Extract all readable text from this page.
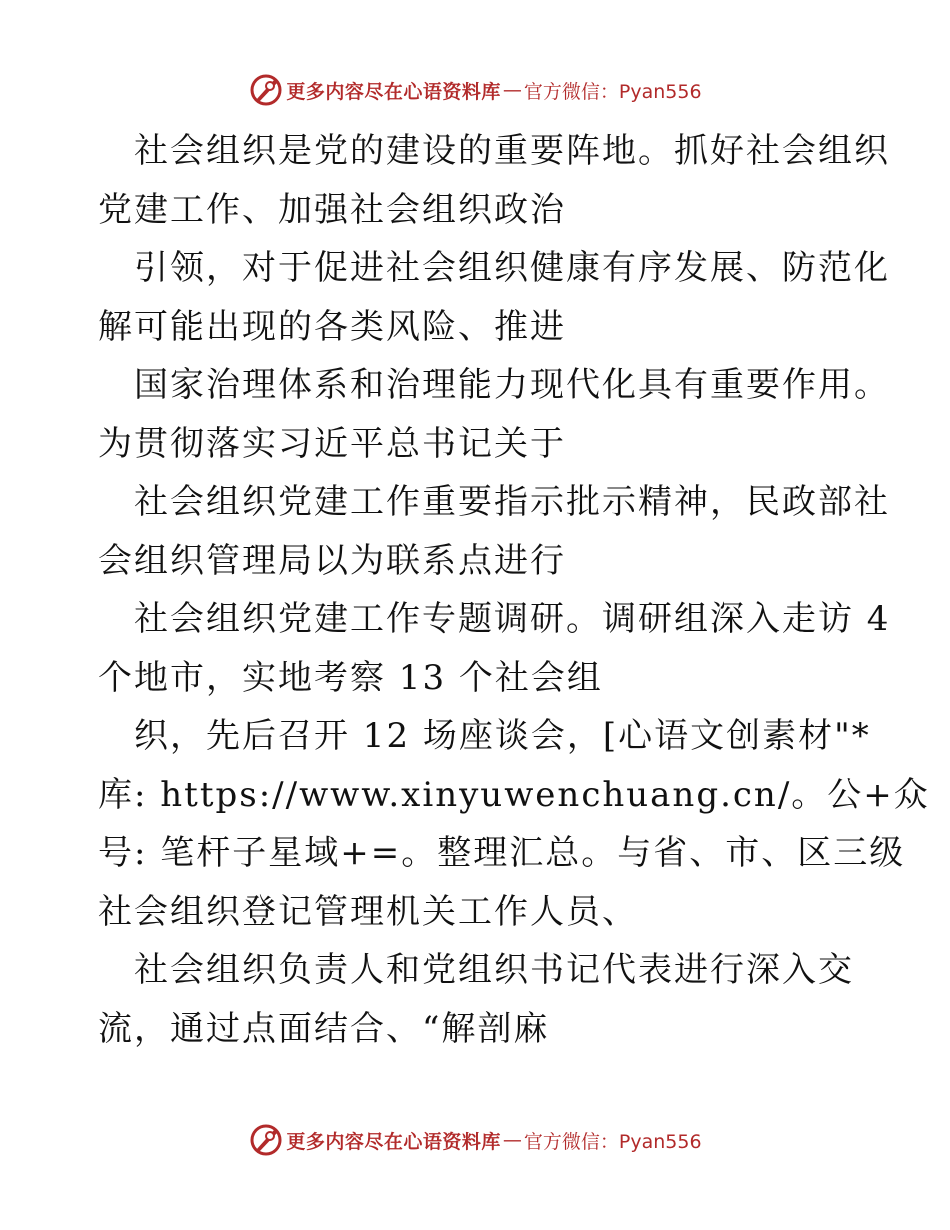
更多内容尽在心语资料库 — 官方微信：Pyan556
社会组织是党的建设的重要阵地。抓好社会组织
党建工作、加强社会组织政治
引领，对于促进社会组织健康有序发展、防范化
解可能出现的各类风险、推进
国家治理体系和治理能力现代化具有重要作用。
为贯彻落实习近平总书记关于
社会组织党建工作重要指示批示精神，民政部社
会组织管理局以为联系点进行
社会组织党建工作专题调研。调研组深入走访 4
个地市，实地考察 13 个社会组
织，先后召开 12 场座谈会，[心语文创素材"*
库: https://www.xinyuwenchuang.cn/。公+众
号: 笔杆子星域+=。整理汇总。与省、市、区三级
社会组织登记管理机关工作人员、
社会组织负责人和党组织书记代表进行深入交
流，通过点面结合、“解剖麻
更多内容尽在心语资料库 — 官方微信：Pyan556
